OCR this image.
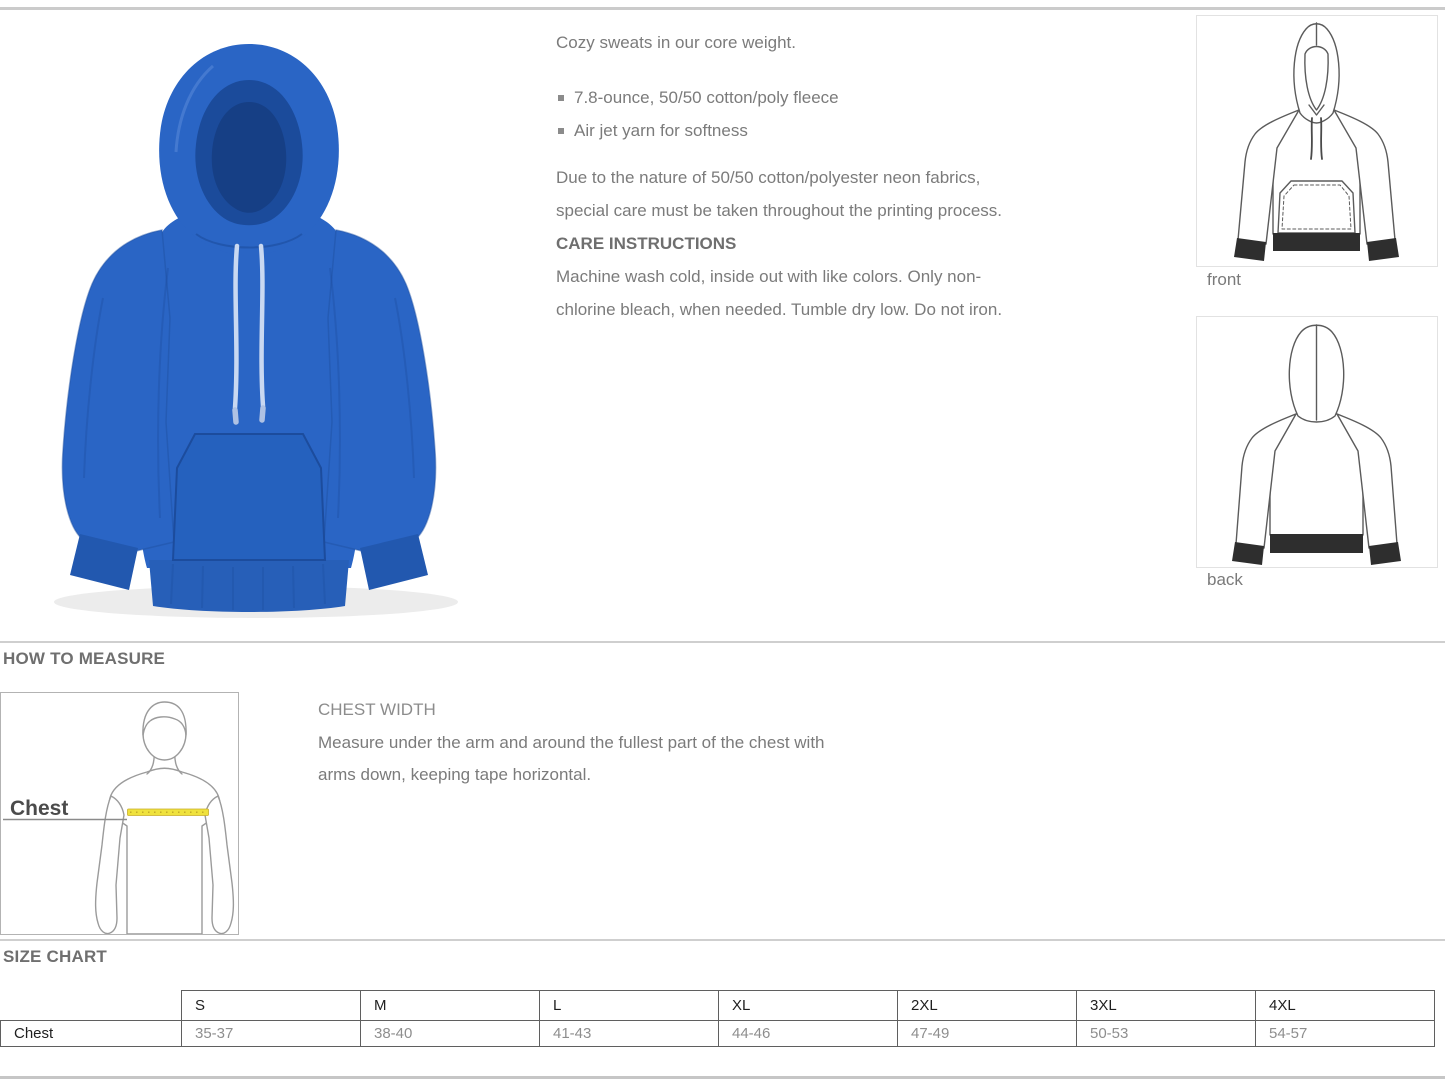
Cozy sweats in our core weight.

7.8-ounce, 50/50 cotton/poly fleece
Air jet yarn for softness

Due to the nature of 50/50 cotton/polyester neon fabrics, special care must be taken throughout the printing process.

CARE INSTRUCTIONS

Machine wash cold, inside out with like colors. Only non-chlorine bleach, when needed. Tumble dry low. Do not iron.

front
back
HOW TO MEASURE
Chest
CHEST WIDTH
Measure under the arm and around the fullest part of the chest with arms down, keeping tape horizontal.
SIZE CHART
	S	M	L	XL	2XL	3XL	4XL
Chest	35-37	38-40	41-43	44-46	47-49	50-53	54-57
